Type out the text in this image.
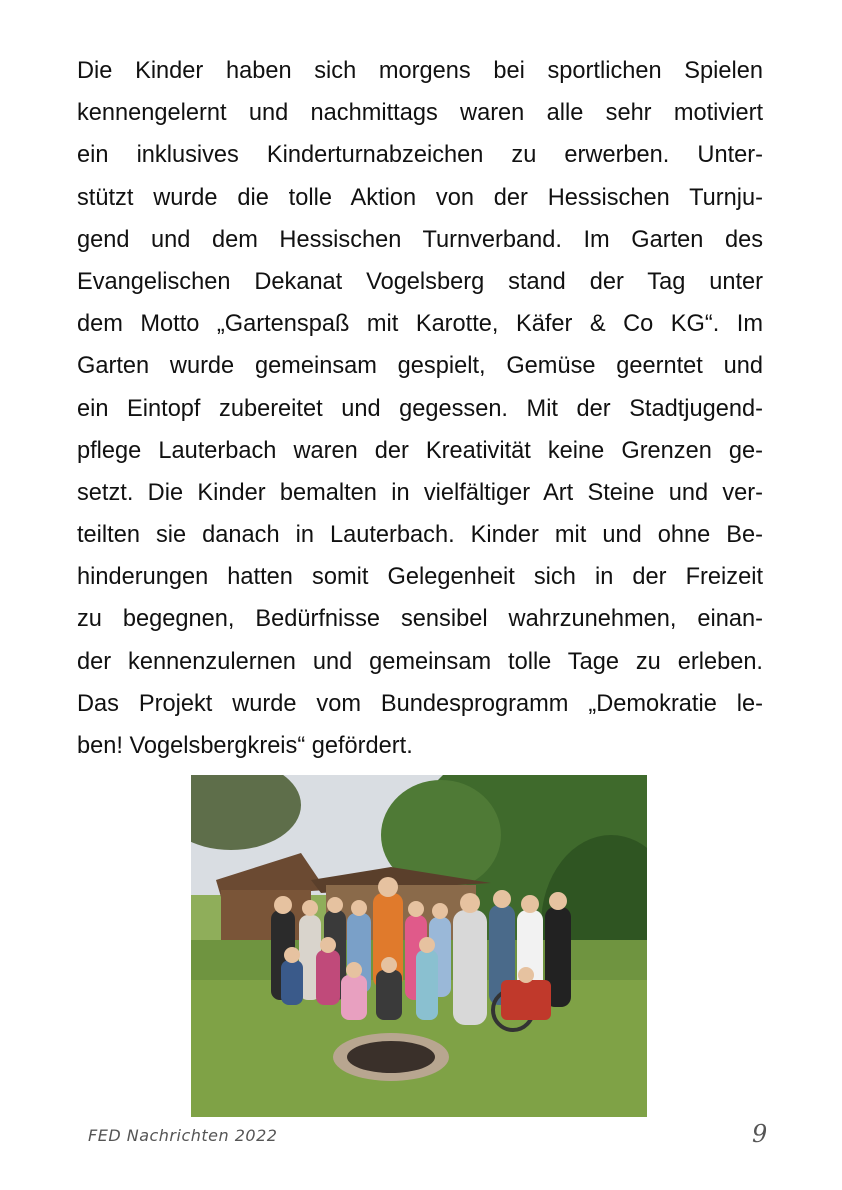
Die Kinder haben sich morgens bei sportlichen Spielen
kennengelernt und nachmittags waren alle sehr motiviert
ein inklusives Kinderturnabzeichen zu erwerben. Unter-
stützt wurde die tolle Aktion von der Hessischen Turnju-
gend und dem Hessischen Turnverband. Im Garten des
Evangelischen Dekanat Vogelsberg stand der Tag unter
dem Motto „Gartenspaß mit Karotte, Käfer & Co KG“. Im
Garten wurde gemeinsam gespielt, Gemüse geerntet und
ein Eintopf zubereitet und gegessen. Mit der Stadtjugend-
pflege Lauterbach waren der Kreativität keine Grenzen ge-
setzt. Die Kinder bemalten in vielfältiger Art Steine und ver-
teilten sie danach in Lauterbach. Kinder mit und ohne Be-
hinderungen hatten somit Gelegenheit sich in der Freizeit
zu begegnen, Bedürfnisse sensibel wahrzunehmen, einan-
der kennenzulernen und gemeinsam tolle Tage zu erleben.
Das Projekt wurde vom Bundesprogramm „Demokratie le-
ben! Vogelsbergkreis“ gefördert.
FED Nachrichten 2022	9
